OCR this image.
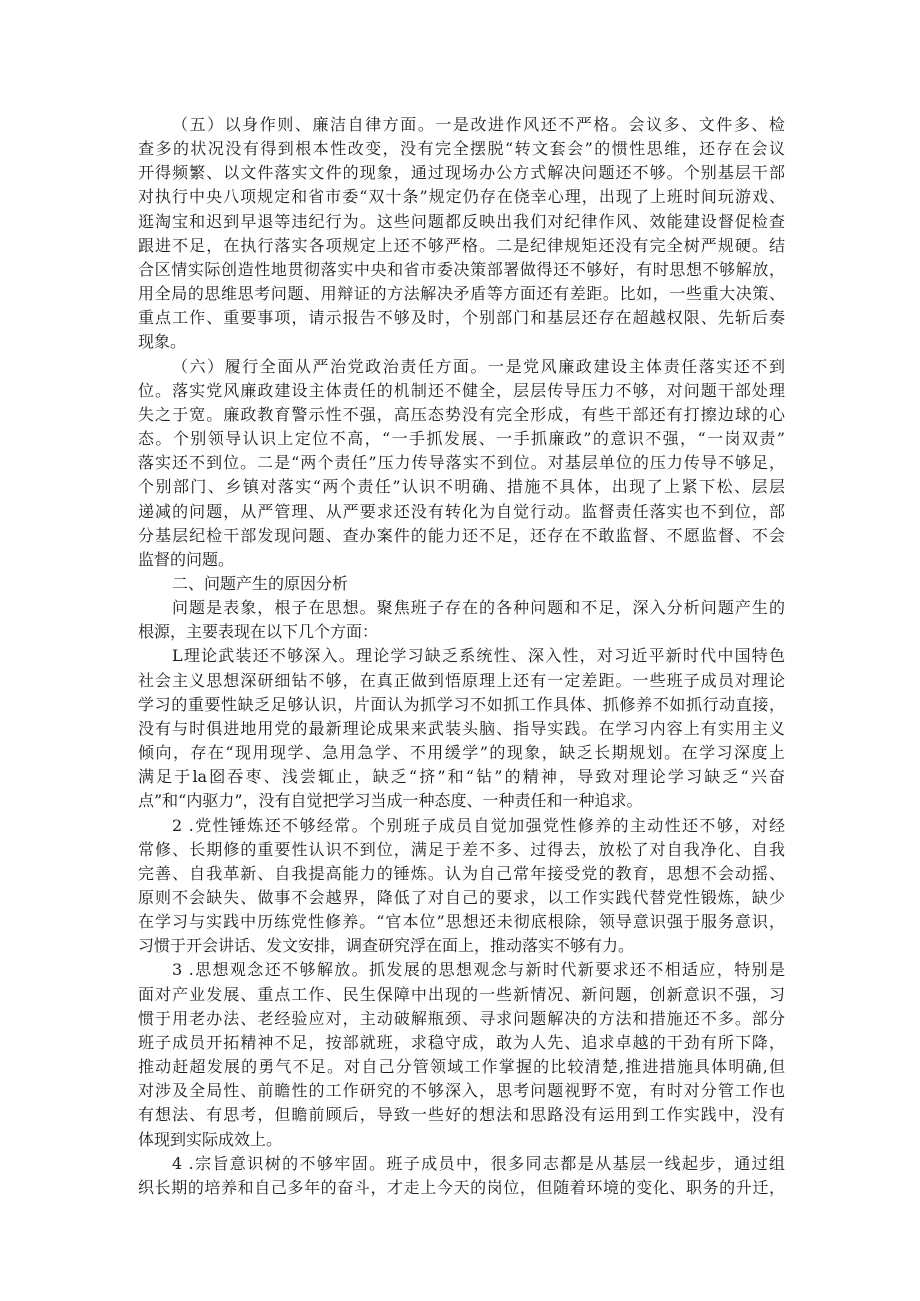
（五）以身作则、廉洁自律方面。一是改进作风还不严格。会议多、文件多、检
查多的状况没有得到根本性改变，没有完全摆脱“转文套会”的惯性思维，还存在会议
开得频繁、以文件落实文件的现象，通过现场办公方式解决问题还不够。个别基层干部
对执行中央八项规定和省市委“双十条”规定仍存在侥幸心理，出现了上班时间玩游戏、
逛淘宝和迟到早退等违纪行为。这些问题都反映出我们对纪律作风、效能建设督促检查
跟进不足，在执行落实各项规定上还不够严格。二是纪律规矩还没有完全树严规硬。结
合区情实际创造性地贯彻落实中央和省市委决策部署做得还不够好，有时思想不够解放，
用全局的思维思考问题、用辩证的方法解决矛盾等方面还有差距。比如，一些重大决策、
重点工作、重要事项，请示报告不够及时，个别部门和基层还存在超越权限、先斩后奏
现象。
（六）履行全面从严治党政治责任方面。一是党风廉政建设主体责任落实还不到
位。落实党风廉政建设主体责任的机制还不健全，层层传导压力不够，对问题干部处理
失之于宽。廉政教育警示性不强，高压态势没有完全形成，有些干部还有打擦边球的心
态。个别领导认识上定位不高，“一手抓发展、一手抓廉政”的意识不强，“一岗双责”
落实还不到位。二是“两个责任”压力传导落实不到位。对基层单位的压力传导不够足，
个别部门、乡镇对落实“两个责任”认识不明确、措施不具体，出现了上紧下松、层层
递减的问题，从严管理、从严要求还没有转化为自觉行动。监督责任落实也不到位，部
分基层纪检干部发现问题、查办案件的能力还不足，还存在不敢监督、不愿监督、不会
监督的问题。
二、问题产生的原因分析
问题是表象，根子在思想。聚焦班子存在的各种问题和不足，深入分析问题产生的
根源，主要表现在以下几个方面：
L理论武装还不够深入。理论学习缺乏系统性、深入性，对习近平新时代中国特色
社会主义思想深研细钻不够，在真正做到悟原理上还有一定差距。一些班子成员对理论
学习的重要性缺乏足够认识，片面认为抓学习不如抓工作具体、抓修养不如抓行动直接，
没有与时俱进地用党的最新理论成果来武装头脑、指导实践。在学习内容上有实用主义
倾向，存在“现用现学、急用急学、不用缓学”的现象，缺乏长期规划。在学习深度上
满足于la囵吞枣、浅尝辄止，缺乏“挤”和“钻”的精神，导致对理论学习缺乏“兴奋
点”和“内驱力”，没有自觉把学习当成一种态度、一种责任和一种追求。
2 .党性锤炼还不够经常。个别班子成员自觉加强党性修养的主动性还不够，对经
常修、长期修的重要性认识不到位，满足于差不多、过得去，放松了对自我净化、自我
完善、自我革新、自我提高能力的锤炼。认为自己常年接受党的教育，思想不会动摇、
原则不会缺失、做事不会越界，降低了对自己的要求，以工作实践代替党性锻炼，缺少
在学习与实践中历练党性修养。“官本位”思想还未彻底根除，领导意识强于服务意识，
习惯于开会讲话、发文安排，调查研究浮在面上，推动落实不够有力。
3 .思想观念还不够解放。抓发展的思想观念与新时代新要求还不相适应，特别是
面对产业发展、重点工作、民生保障中出现的一些新情况、新问题，创新意识不强，习
惯于用老办法、老经验应对，主动破解瓶颈、寻求问题解决的方法和措施还不多。部分
班子成员开拓精神不足，按部就班，求稳守成，敢为人先、追求卓越的干劲有所下降，
推动赶超发展的勇气不足。对自己分管领域工作掌握的比较清楚,推进措施具体明确,但
对涉及全局性、前瞻性的工作研究的不够深入，思考问题视野不宽，有时对分管工作也
有想法、有思考，但瞻前顾后，导致一些好的想法和思路没有运用到工作实践中，没有
体现到实际成效上。
4 .宗旨意识树的不够牢固。班子成员中，很多同志都是从基层一线起步，通过组
织长期的培养和自己多年的奋斗，才走上今天的岗位，但随着环境的变化、职务的升迁，
